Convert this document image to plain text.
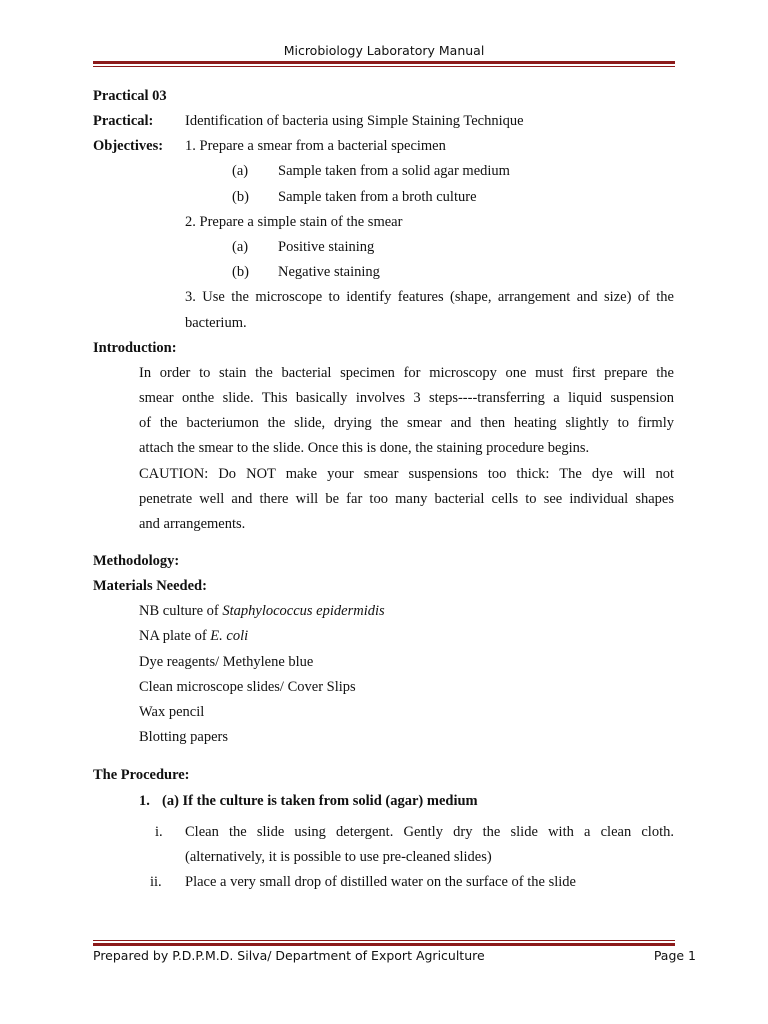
Microbiology Laboratory Manual
Practical 03
Practical: Identification of bacteria using Simple Staining Technique
Objectives: 1. Prepare a smear from a bacterial specimen
(a) Sample taken from a solid agar medium
(b) Sample taken from a broth culture
2. Prepare a simple stain of the smear
(a) Positive staining
(b) Negative staining
3. Use the microscope to identify features (shape, arrangement and size) of the
bacterium.
Introduction:
In order to stain the bacterial specimen for microscopy one must first prepare the
smear onthe slide. This basically involves 3 steps----transferring a liquid suspension
of the bacteriumon the slide, drying the smear and then heating slightly to firmly
attach the smear to the slide. Once this is done, the staining procedure begins.
CAUTION: Do NOT make your smear suspensions too thick: The dye will not
penetrate well and there will be far too many bacterial cells to see individual shapes
and arrangements.
Methodology:
Materials Needed:
NB culture of Staphylococcus epidermidis
NA plate of E. coli
Dye reagents/ Methylene blue
Clean microscope slides/ Cover Slips
Wax pencil
Blotting papers
The Procedure:
1. (a) If the culture is taken from solid (agar) medium
i. Clean the slide using detergent. Gently dry the slide with a clean cloth.
(alternatively, it is possible to use pre-cleaned slides)
ii. Place a very small drop of distilled water on the surface of the slide
Prepared by P.D.P.M.D. Silva/ Department of Export Agriculture	Page 1
